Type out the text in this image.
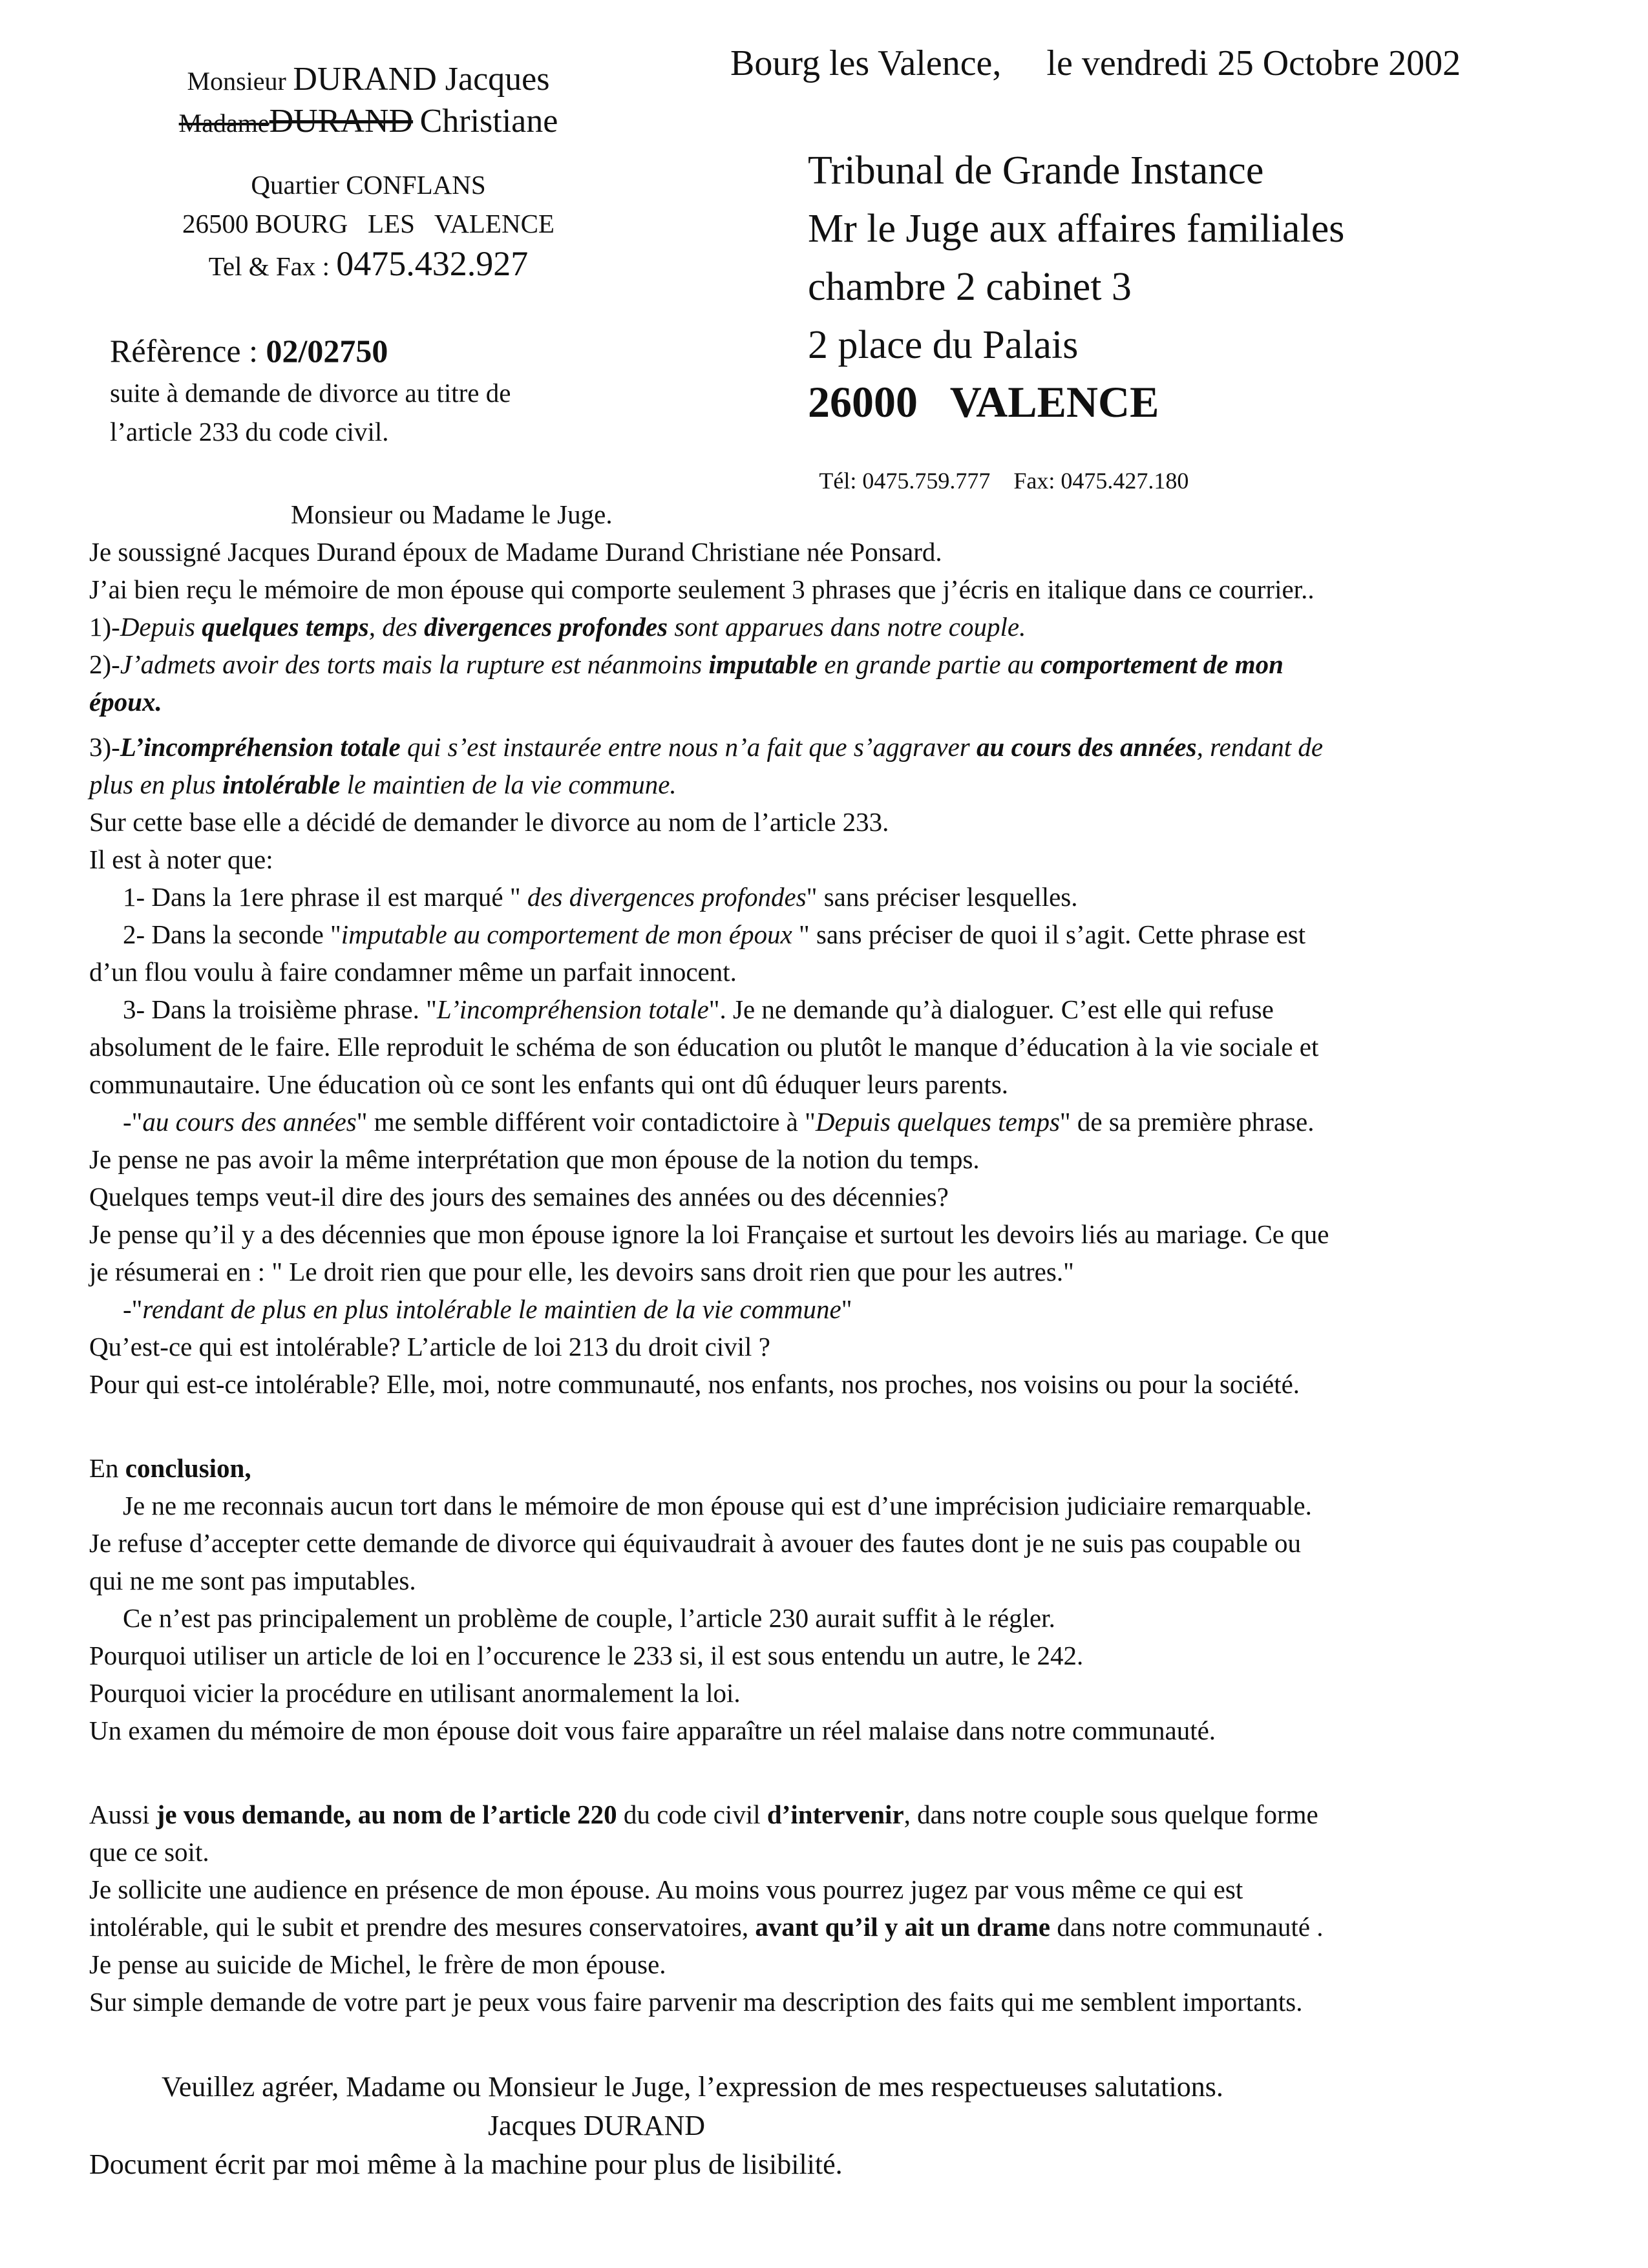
Monsieur DURAND Jacques
MadameDURAND Christiane
Quartier CONFLANS
26500 BOURG   LES   VALENCE
Tel & Fax : 0475.432.927
Bourg les Valence,     le vendredi 25 Octobre 2002
Réfèrence : 02/02750
suite à demande de divorce au titre de
l’article 233 du code civil.
Tribunal de Grande Instance
Mr le Juge aux affaires familiales
chambre 2 cabinet 3
2 place du Palais
26000   VALENCE

Tél: 0475.759.777 Fax: 0475.427.180

Monsieur ou Madame le Juge.
Je soussigné Jacques Durand époux de Madame Durand Christiane née Ponsard.
J’ai bien reçu le mémoire de mon épouse qui comporte seulement 3 phrases que j’écris en italique dans ce courrier..
1)-Depuis quelques temps, des divergences profondes sont apparues dans notre couple.
2)-J’admets avoir des torts mais la rupture est néanmoins imputable en grande partie au comportement de mon
époux.
3)-L’incompréhension totale qui s’est instaurée entre nous n’a fait que s’aggraver au cours des années, rendant de
plus en plus intolérable le maintien de la vie commune.
Sur cette base elle a décidé de demander le divorce au nom de l’article 233.
Il est à noter que:
1- Dans la 1ere phrase il est marqué " des divergences profondes" sans préciser lesquelles.
2- Dans la seconde "imputable au comportement de mon époux " sans préciser de quoi il s’agit. Cette phrase est
d’un flou voulu à faire condamner même un parfait innocent.
3- Dans la troisième phrase. "L’incompréhension totale". Je ne demande qu’à dialoguer. C’est elle qui refuse
absolument de le faire. Elle reproduit le schéma de son éducation ou plutôt le manque d’éducation à la vie sociale et
communautaire. Une éducation où ce sont les enfants qui ont dû éduquer leurs parents.
-"au cours des années" me semble différent voir contadictoire à "Depuis quelques temps" de sa première phrase.
Je pense ne pas avoir la même interprétation que mon épouse de la notion du temps.
Quelques temps veut-il dire des jours des semaines des années ou des décennies?
Je pense qu’il y a des décennies que mon épouse ignore la loi Française et surtout les devoirs liés au mariage. Ce que
je résumerai en : " Le droit rien que pour elle, les devoirs sans droit rien que pour les autres."
-"rendant de plus en plus intolérable le maintien de la vie commune"
Qu’est-ce qui est intolérable? L’article de loi 213 du droit civil ?
Pour qui est-ce intolérable? Elle, moi, notre communauté, nos enfants, nos proches, nos voisins ou pour la société.
En conclusion,
Je ne me reconnais aucun tort dans le mémoire de mon épouse qui est d’une imprécision judiciaire remarquable.
Je refuse d’accepter cette demande de divorce qui équivaudrait à avouer des fautes dont je ne suis pas coupable ou
qui ne me sont pas imputables.
Ce n’est pas principalement un problème de couple, l’article 230 aurait suffit à le régler.
Pourquoi utiliser un article de loi en l’occurence le 233 si, il est sous entendu un autre, le 242.
Pourquoi vicier la procédure en utilisant anormalement la loi.
Un examen du mémoire de mon épouse doit vous faire apparaître un réel malaise dans notre communauté.
Aussi je vous demande, au nom de l’article 220 du code civil d’intervenir, dans notre couple sous quelque forme
que ce soit.
Je sollicite une audience en présence de mon épouse. Au moins vous pourrez jugez par vous même ce qui est
intolérable, qui le subit et prendre des mesures conservatoires, avant qu’il y ait un drame dans notre communauté .
Je pense au suicide de Michel, le frère de mon épouse.
Sur simple demande de votre part je peux vous faire parvenir ma description des faits qui me semblent importants.
Veuillez agréer, Madame ou Monsieur le Juge, l’expression de mes respectueuses salutations.
Jacques DURAND
Document écrit par moi même à la machine pour plus de lisibilité.
